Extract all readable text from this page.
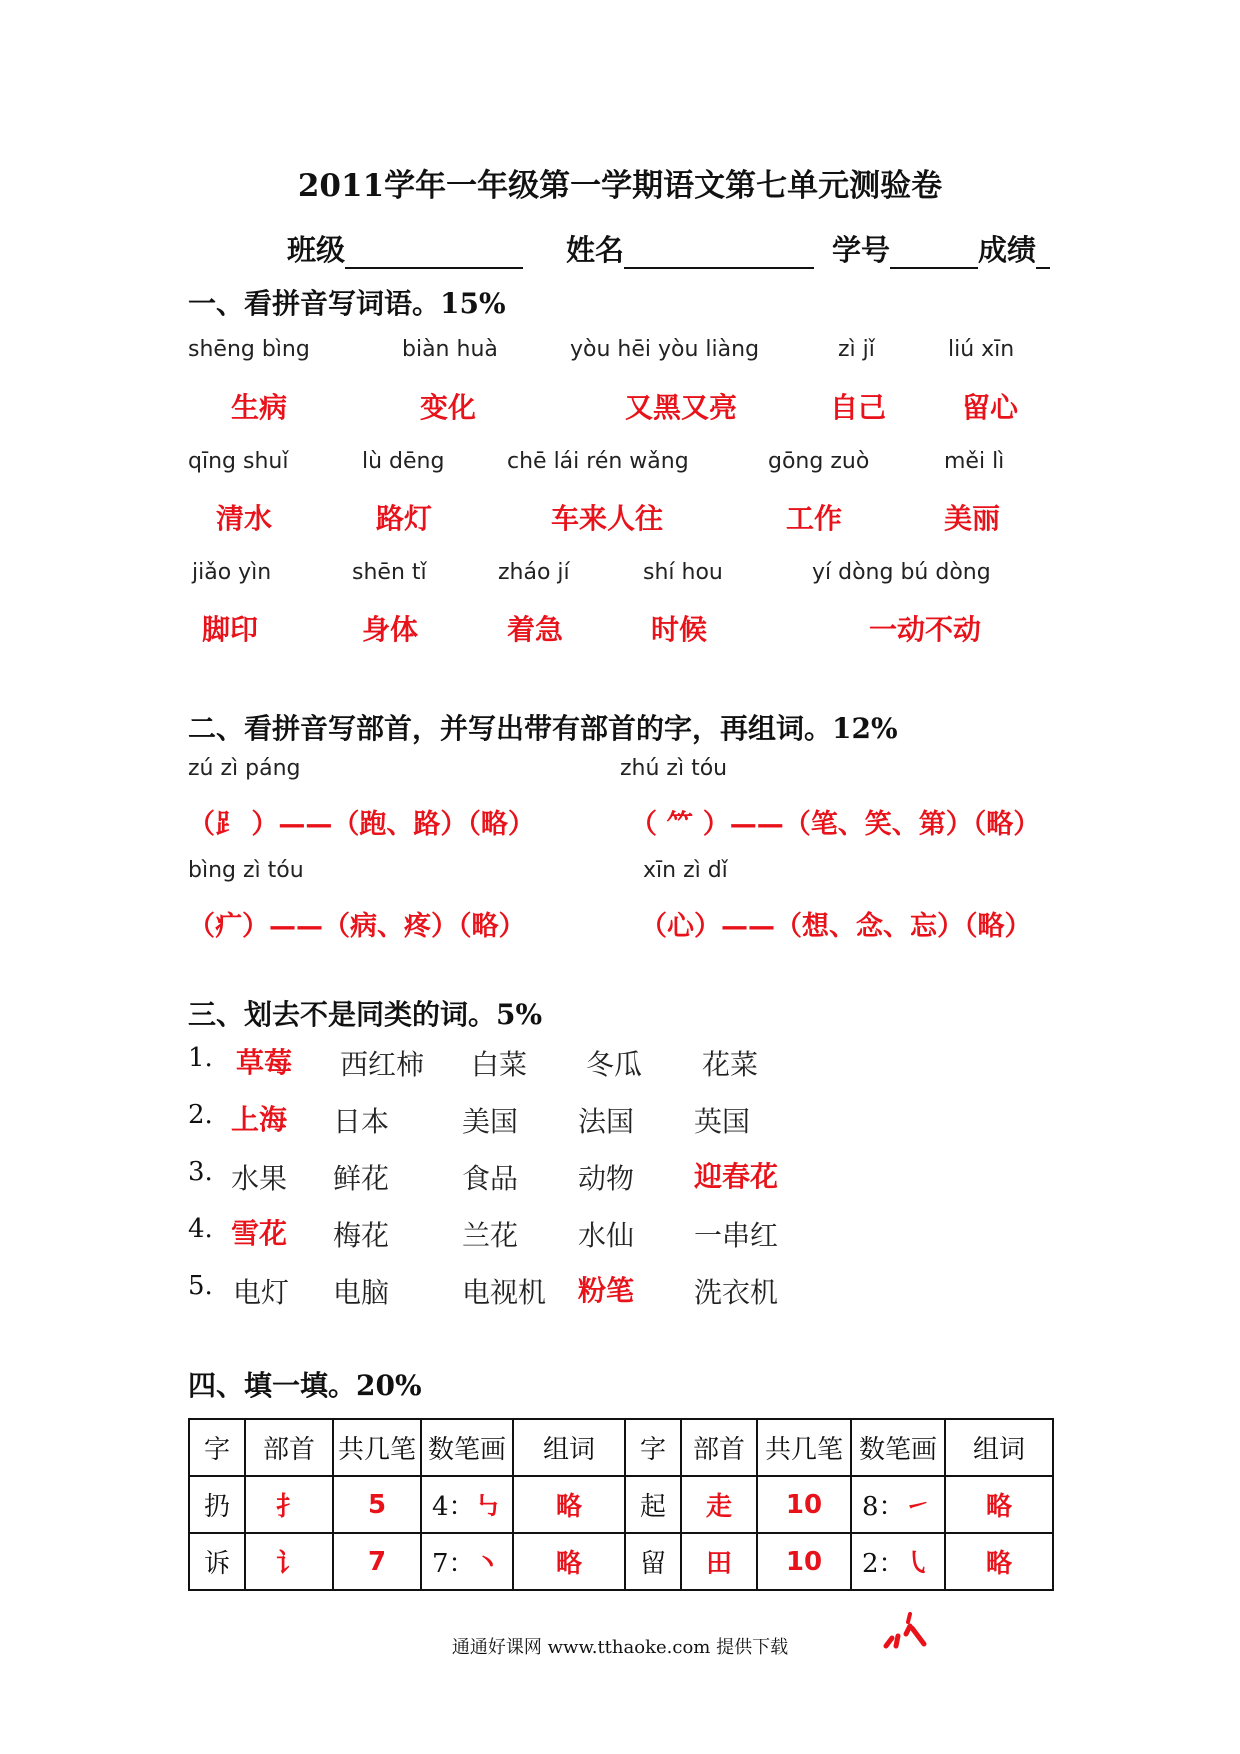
2011学年一年级第一学期语文第七单元测验卷
班级	姓名	学号	成绩
一、看拼音写词语。15%
shēng bìng	biàn huà	yòu hēi yòu liàng	zì jǐ	liú xīn
生病	变化	又黑又亮	自己	留心
qīng shuǐ	lù dēng	chē lái rén wǎng	gōng zuò	měi lì
清水	路灯	车来人往	工作	美丽
jiǎo yìn	shēn tǐ	zháo jí	shí hou	yí dòng bú dòng
脚印	身体	着急	时候	一动不动
二、看拼音写部首，并写出带有部首的字，再组词。12%
zú zì páng	zhú zì tóu
（⻊ ）——（跑、路）（略）	（ ⺮ ）——（笔、笑、第）（略）
bìng zì tóu	xīn zì dǐ
（疒）——（病、疼）（略）	（心）——（想、念、忘）（略）
三、划去不是同类的词。5%
1. 草莓 西红柿 白菜 冬瓜 花菜
2. 上海 日本	美国 法国 英国
3. 水果 鲜花	食品 动物 迎春花
4. 雪花 梅花	兰花 水仙 一串红
5. 电灯 电脑	电视机 粉笔 洗衣机
四、填一填。20%
字	部首	共几笔	数笔画	组词	字	部首	共几笔	数笔画	组词
扔	扌	5	4：㇉	略	起	走	10	8：㇀	略
诉	讠	7	7：丶	略	留	田	10	2：㇂	略
通通好课网 www.tthaoke.com 提供下载
